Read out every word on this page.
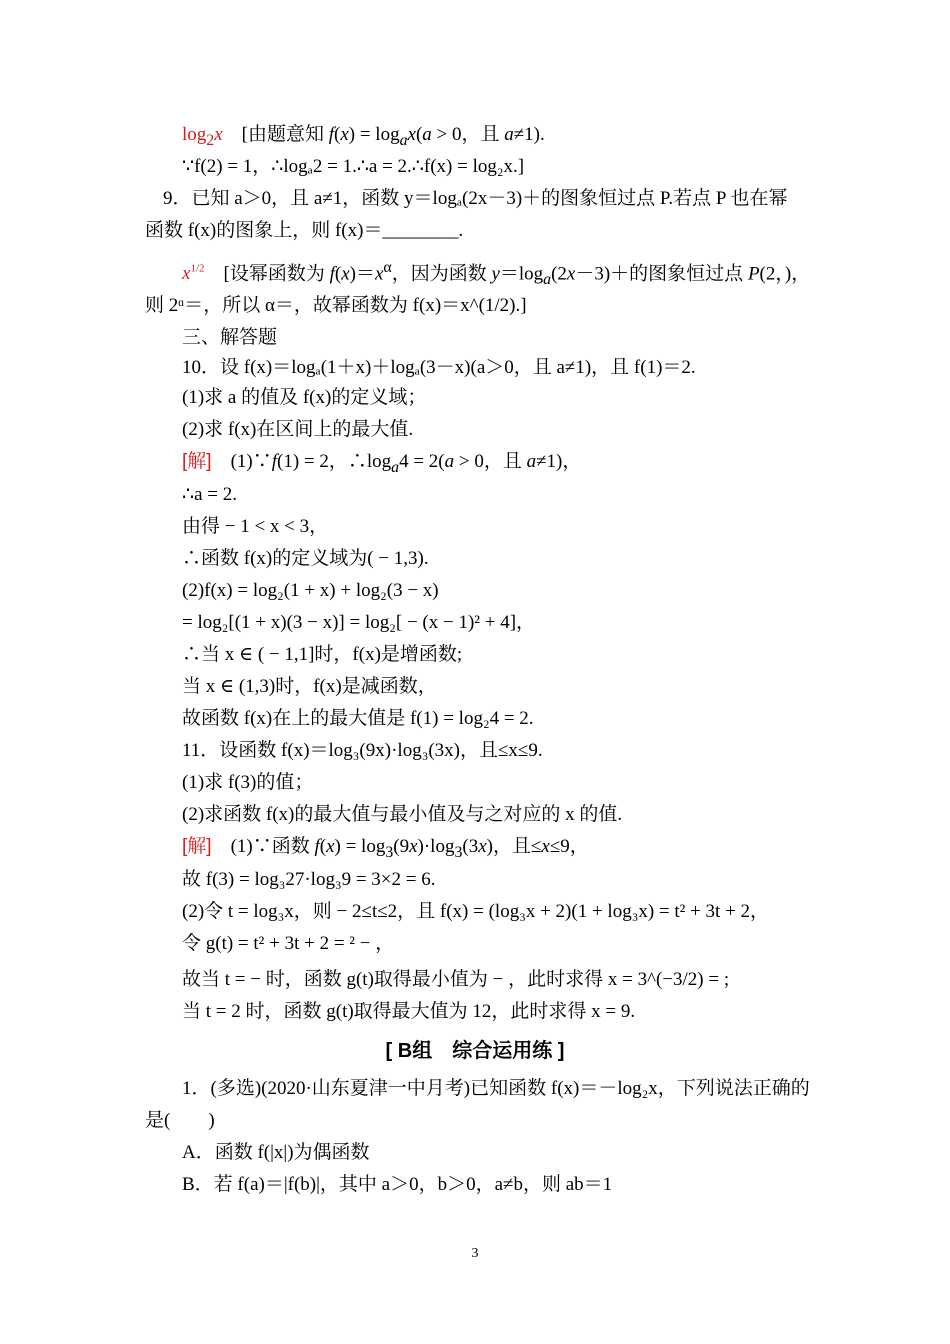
$\log_2x$　[由题意知 $f(x) = \log_ax(a > 0$，且 a≠1).
∵f(2) = 1，∴logₐ2 = 1.∴a = 2.∴f(x) = log₂x.]
9．已知 a＞0，且 a≠1，函数 y＝logₐ(2x－3)＋的图象恒过点 P.若点 P 也在幂
函数 f(x)的图象上，则 f(x)＝________.
$x^{1/2}$　[设幂函数为 $f(x)=x^\alpha$，因为函数 $y=\log_a(2x-3)+$的图象恒过点 P(2，)，
则 2ᵅ＝，所以 α＝，故幂函数为 f(x)＝x^(1/2).]
三、解答题
10．设 f(x)＝logₐ(1＋x)＋logₐ(3－x)(a＞0，且 a≠1)，且 f(1)＝2.
(1)求 a 的值及 f(x)的定义域；
(2)求 f(x)在区间上的最大值.
[解]　(1)∵f(1) = 2，$\therefore\log_a4 = 2(a > 0$，且 a≠1)，
∴a = 2.
由得 − 1 < x < 3，
∴函数 f(x)的定义域为( − 1,3).
(2)f(x) = log₂(1 + x) + log₂(3 − x)
= log₂[(1 + x)(3 − x)] = log₂[ − (x − 1)² + 4]，
∴当 x ∈ ( − 1,1]时，f(x)是增函数;
当 x ∈ (1,3)时，f(x)是减函数，
故函数 f(x)在上的最大值是 f(1) = log₂4 = 2.
11．设函数 f(x)＝log₃(9x)·log₃(3x)，且≤x≤9.
(1)求 f(3)的值；
(2)求函数 f(x)的最大值与最小值及与之对应的 x 的值.
[解]　(1)∵函数 $f(x) = \log_3(9x)\cdot\log_3(3x)$，且≤x≤9，
故 f(3) = log₃27·log₃9 = 3×2 = 6.
(2)令 t = log₃x，则 − 2≤t≤2，且 f(x) = (log₃x + 2)(1 + log₃x) = t² + 3t + 2，
令 g(t) = t² + 3t + 2 = ² − ，
故当 t = − 时，函数 g(t)取得最小值为 − ，此时求得 x = 3^(−3/2) = ;
当 t = 2 时，函数 g(t)取得最大值为 12，此时求得 x = 9.
[ B组　综合运用练 ]
1．(多选)(2020·山东夏津一中月考)已知函数 f(x)＝－log₂x，下列说法正确的
是(　　)
A．函数 f(|x|)为偶函数
B．若 f(a)＝|f(b)|，其中 a＞0，b＞0，a≠b，则 ab＝1
3
